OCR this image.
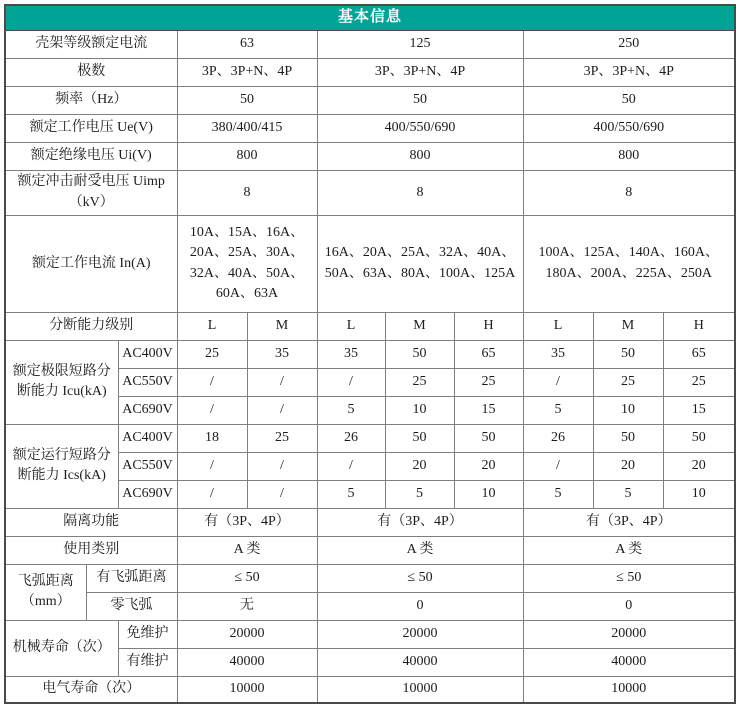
基本信息										
壳架等级额定电流			63		125			250		
极数			3P、3P+N、4P		3P、3P+N、4P			3P、3P+N、4P		
频率（Hz）			50		50			50		
额定工作电压 Ue(V)			380/400/415		400/550/690			400/550/690		
额定绝缘电压 Ui(V)			800		800			800		
额定冲击耐受电压 Uimp（kV）			8		8			8		
额定工作电流 In(A)			10A、15A、16A、20A、25A、30A、32A、40A、50A、60A、63A		16A、20A、25A、32A、40A、50A、63A、80A、100A、125A			100A、125A、140A、160A、180A、200A、225A、250A		
分断能力级别			L	M	L	M	H	L	M	H
额定极限短路分断能力 Icu(kA)		AC400V	25	35	35	50	65	35	50	65
		AC550V	/	/	/	25	25	/	25	25
		AC690V	/	/	5	10	15	5	10	15
额定运行短路分断能力 Ics(kA)		AC400V	18	25	26	50	50	26	50	50
		AC550V	/	/	/	20	20	/	20	20
		AC690V	/	/	5	5	10	5	5	10
隔离功能			有（3P、4P）		有（3P、4P）			有（3P、4P）		
使用类别			A 类		A 类			A 类		
飞弧距离（mm）	有飞弧距离		≤ 50		≤ 50			≤ 50		
	零飞弧		无		0			0		
机械寿命（次）		免维护	20000		20000			20000		
		有维护	40000		40000			40000		
电气寿命（次）			10000		10000			10000		
